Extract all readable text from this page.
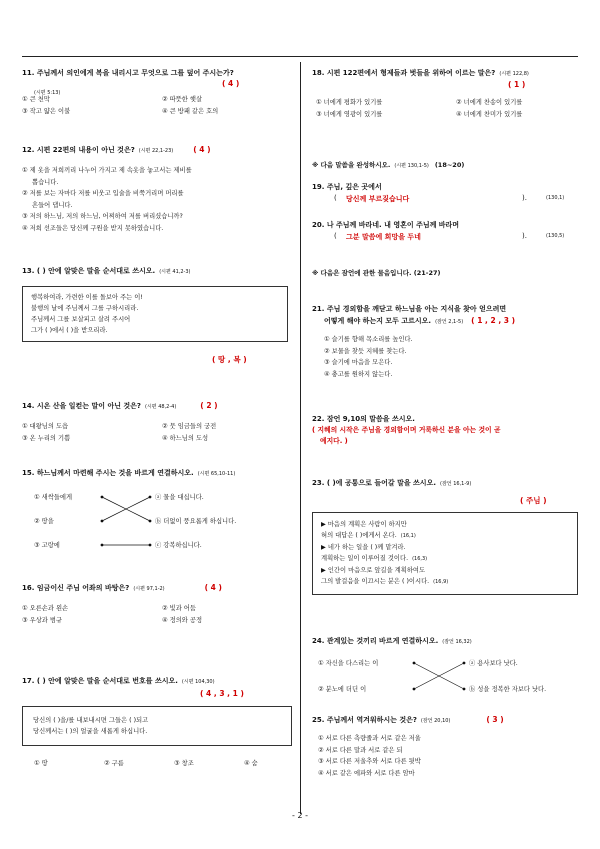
11. 주님께서 의인에게 복을 내리시고 무엇으로 그를 덮어 주시는가?
(시편 5:13)
( 4 )
① 큰 천막	② 따뜻한 햇살
③ 작고 얇은 이불	④ 큰 방패 같은 호의
12. 시편 22편의 내용이 아닌 것은? (시편 22,1-23)	( 4 )
① 제 옷을 저희끼리 나누어 가지고 제 속옷을 놓고서는 제비를
뽑습니다.
② 저를 보는 자마다 저를 비웃고 입술을 비쭉거리며 머리를
흔들어 댑니다.
③ 저의 하느님, 저의 하느님, 어찌하여 저를 버리셨습니까?
④ 저희 선조들은 당신께 구원을 받지 못하였습니다.
13. ( ) 안에 알맞은 말을 순서대로 쓰시오. (시편 41,2-3)
행복하여라, 가련한 이를 돌보아 주는 이!
불행의 날에 주님께서 그를 구하시리라.
주님께서 그를 보살피고 살려 주시어
그가 ( )에서 ( )을 받으리라.
( 땅 , 복 )
14. 시온 산을 일컫는 말이 아닌 것은? (시편 48,2-4)	( 2 )
① 대왕님의 도읍	② 뭇 임금들의 궁전
③ 온 누리의 기쁨	④ 하느님의 도성
15. 하느님께서 마련해 주시는 것을 바르게 연결하시오. (시편 65,10-11)
① 새싹들에게
② 땅을
③ 고랑에
ⓐ 물을 대십니다.
ⓑ 더없이 풍요롭게 하십니다.
ⓒ 강복하십니다.
16. 임금이신 주님 어좌의 바탕은? (시편 97,1-2)	( 4 )
① 오른손과 왼손	② 빛과 어둠
③ 우상과 범규	④ 정의와 공정
17. ( ) 안에 알맞은 말을 순서대로 번호를 쓰시오. (시편 104,30)
( 4 , 3 , 1 )
당신의 ( )을/를 내보내시면 그들은 ( )되고
당신께서는 ( )의 얼굴을 새롭게 하십니다.
① 땅	② 구름	③ 창조	④ 숨
18. 시편 122편에서 형제들과 벗들을 위하여 이르는 말은? (시편 122,8)
( 1 )
① 너에게 평화가 있기를	② 너에게 찬송이 있기를
③ 너에게 영광이 있기를	④ 너에게 찬미가 있기를
※ 다음 말씀을 완성하시오. (시편 130,1-5) (18~20)
19. 주님, 깊은 곳에서
( 당신께 부르짖습니다	).	(130,1)
20. 나 주님께 바라네. 내 영혼이 주님께 바라며
( 그분 말씀에 희망을 두네	).	(130,5)
※ 다음은 잠언에 관한 물음입니다. (21-27)
21. 주님 경외함을 깨닫고 하느님을 아는 지식을 찾아 얻으려면
어떻게 해야 하는지 모두 고르시오. (잠언 2,1-5) ( 1 , 2 , 3 )
① 슬기를 향해 목소리를 높인다.
② 보물을 찾듯 지혜를 찾는다.
③ 슬기에 마음을 모은다.
④ 충고를 원하지 않는다.
22. 잠언 9,10의 말씀을 쓰시오.
( 지혜의 시작은 주님을 경외함이며 거룩하신 분을 아는 것이 곧
예지다. )
23. ( )에 공통으로 들어갈 말을 쓰시오. (잠언 16,1-9)
( 주님 )
▶ 마음의 계획은 사람이 하지만
혀의 대답은 ( )에게서 온다. (16,1)
▶ 네가 하는 일을 ( )께 맡겨라.
계획하는 일이 이루어질 것이다. (16,3)
▶ 인간이 마음으로 앞길을 계획하여도
그의 발걸음을 이끄시는 분은 ( )이시다. (16,9)
24. 관계있는 것끼리 바르게 연결하시오. (잠언 16,32)
① 자신을 다스리는 이
② 분노에 더딘 이
ⓐ 용사보다 낫다.
ⓑ 성을 정복한 자보다 낫다.
25. 주님께서 역겨워하시는 것은? (잠언 20,10)	( 3 )
① 서로 다른 측량줄과 서로 같은 저울
② 서로 다른 말과 서로 같은 되
③ 서로 다른 저울추와 서로 다른 됫박
④ 서로 같은 에파와 서로 다른 암마
- 2 -
